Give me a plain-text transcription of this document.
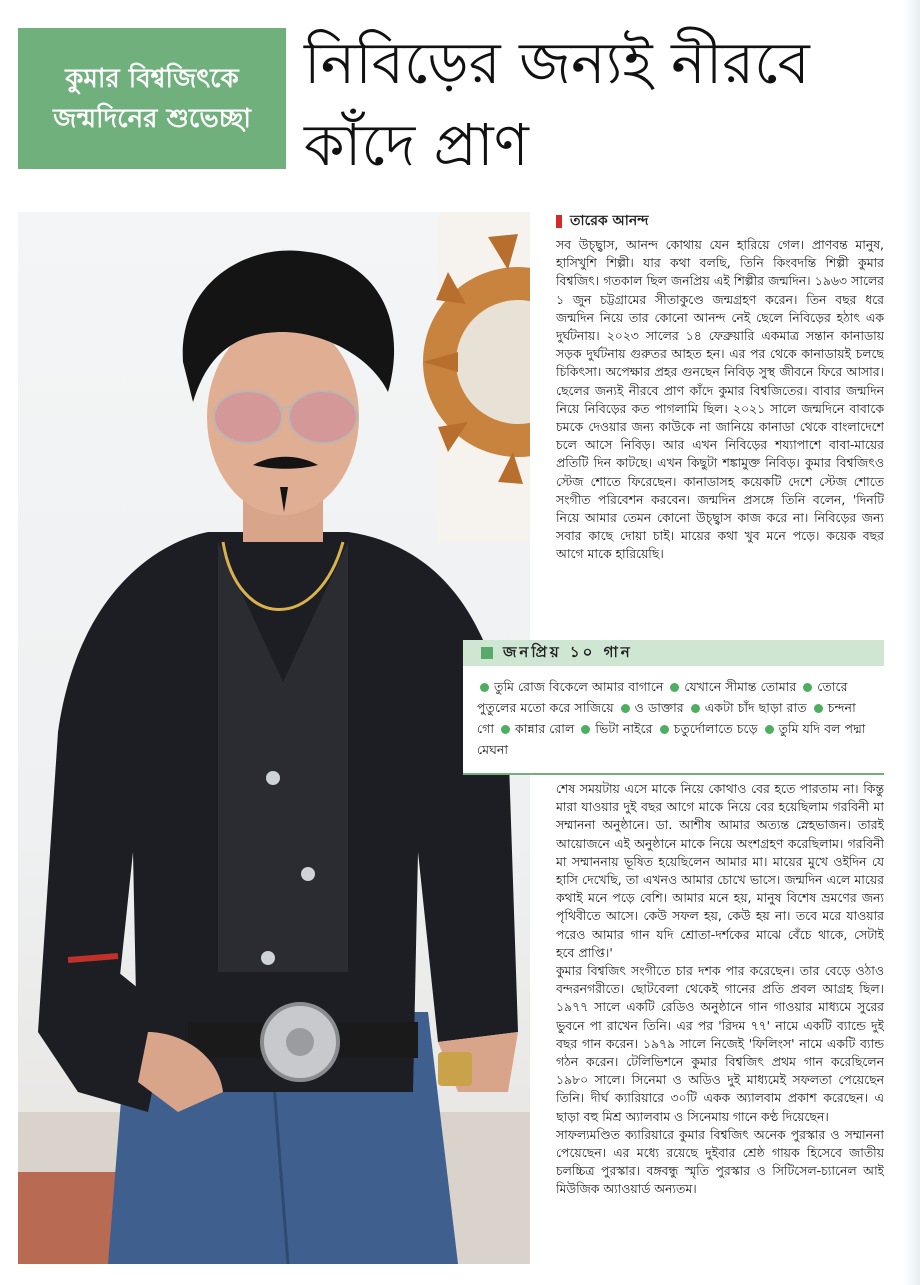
কুমার বিশ্বজিৎকে
জন্মদিনের শুভেচ্ছা
নিবিড়ের জন্যই নীরবে
কাঁদে প্রাণ
তারেক আনন্দ

সব উচ্ছ্বাস, আনন্দ কোথায় যেন হারিয়ে গেল। প্রাণবন্ত মানুষ, হাসিখুশি শিল্পী। যার কথা বলছি, তিনি কিংবদন্তি শিল্পী কুমার বিশ্বজিৎ। গতকাল ছিল জনপ্রিয় এই শিল্পীর জন্মদিন। ১৯৬৩ সালের ১ জুন চট্টগ্রামের সীতাকুণ্ডে জন্মগ্রহণ করেন। তিন বছর ধরে জন্মদিন নিয়ে তার কোনো আনন্দ নেই ছেলে নিবিড়ের হঠাৎ এক দুর্ঘটনায়। ২০২৩ সালের ১৪ ফেব্রুয়ারি একমাত্র সন্তান কানাডায় সড়ক দুর্ঘটনায় গুরুতর আহত হন। এর পর থেকে কানাডায়ই চলছে চিকিৎসা। অপেক্ষার প্রহর গুনছেন নিবিড় সুস্থ জীবনে ফিরে আসার। ছেলের জন্যই নীরবে প্রাণ কাঁদে কুমার বিশ্বজিতের। বাবার জন্মদিন নিয়ে নিবিড়ের কত পাগলামি ছিল। ২০২১ সালে জন্মদিনে বাবাকে চমকে দেওয়ার জন্য কাউকে না জানিয়ে কানাডা থেকে বাংলাদেশে চলে আসে নিবিড়। আর এখন নিবিড়ের শয্যাপাশে বাবা-মায়ের প্রতিটি দিন কাটছে। এখন কিছুটা শঙ্কামুক্ত নিবিড়। কুমার বিশ্বজিৎও স্টেজ শোতে ফিরেছেন। কানাডাসহ কয়েকটি দেশে স্টেজ শোতে সংগীত পরিবেশন করবেন। জন্মদিন প্রসঙ্গে তিনি বলেন, 'দিনটি নিয়ে আমার তেমন কোনো উচ্ছ্বাস কাজ করে না। নিবিড়ের জন্য সবার কাছে দোয়া চাই। মায়ের কথা খুব মনে পড়ে। কয়েক বছর আগে মাকে হারিয়েছি।

জনপ্রিয় ১০ গান
তুমি রোজ বিকেলে আমার বাগানে যেখানে সীমান্ত তোমার তোরে পুতুলের মতো করে সাজিয়ে ও ডাক্তার একটা চাঁদ ছাড়া রাত চন্দনা গো কান্নার রোল ভিটা নাইরে চতুর্দোলাতে চড়ে তুমি যদি বল পদ্মা মেঘনা

শেষ সময়টায় এসে মাকে নিয়ে কোথাও বের হতে পারতাম না। কিন্তু মারা যাওয়ার দুই বছর আগে মাকে নিয়ে বের হয়েছিলাম গরবিনী মা সম্মাননা অনুষ্ঠানে। ডা. আশীষ আমার অত্যন্ত স্নেহভাজন। তারই আয়োজনে এই অনুষ্ঠানে মাকে নিয়ে অংশগ্রহণ করেছিলাম। গরবিনী মা সম্মাননায় ভূষিত হয়েছিলেন আমার মা। মায়ের মুখে ওইদিন যে হাসি দেখেছি, তা এখনও আমার চোখে ভাসে। জন্মদিন এলে মায়ের কথাই মনে পড়ে বেশি। আমার মনে হয়, মানুষ বিশেষ ভ্রমণের জন্য পৃথিবীতে আসে। কেউ সফল হয়, কেউ হয় না। তবে মরে যাওয়ার পরেও আমার গান যদি শ্রোতা-দর্শকের মাঝে বেঁচে থাকে, সেটাই হবে প্রাপ্তি।'

কুমার বিশ্বজিৎ সংগীতে চার দশক পার করেছেন। তার বেড়ে ওঠাও বন্দরনগরীতে। ছোটবেলা থেকেই গানের প্রতি প্রবল আগ্রহ ছিল। ১৯৭৭ সালে একটি রেডিও অনুষ্ঠানে গান গাওয়ার মাধ্যমে সুরের ভুবনে পা রাখেন তিনি। এর পর 'রিদম ৭৭' নামে একটি ব্যান্ডে দুই বছর গান করেন। ১৯৭৯ সালে নিজেই 'ফিলিংস' নামে একটি ব্যান্ড গঠন করেন। টেলিভিশনে কুমার বিশ্বজিৎ প্রথম গান করেছিলেন ১৯৮০ সালে। সিনেমা ও অডিও দুই মাধ্যমেই সফলতা পেয়েছেন তিনি। দীর্ঘ ক্যারিয়ারে ৩০টি একক অ্যালবাম প্রকাশ করেছেন। এ ছাড়া বহু মিশ্র অ্যালবাম ও সিনেমায় গানে কণ্ঠ দিয়েছেন।

সাফল্যমণ্ডিত ক্যারিয়ারে কুমার বিশ্বজিৎ অনেক পুরস্কার ও সম্মাননা পেয়েছেন। এর মধ্যে রয়েছে দুইবার শ্রেষ্ঠ গায়ক হিসেবে জাতীয় চলচ্চিত্র পুরস্কার। বঙ্গবন্ধু স্মৃতি পুরস্কার ও সিটিসেল-চ্যানেল আই মিউজিক অ্যাওয়ার্ড অন্যতম।
